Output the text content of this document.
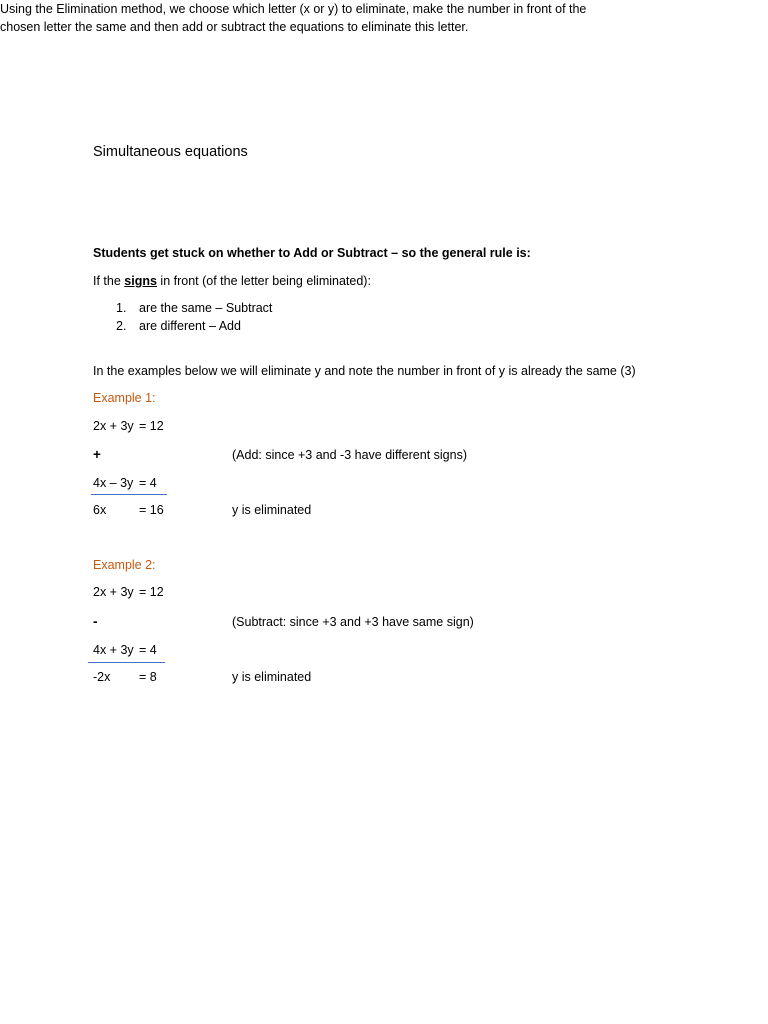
Simultaneous equations
Using the Elimination method, we choose which letter (x or y) to eliminate, make the number in front of the chosen letter the same and then add or subtract the equations to eliminate this letter.
Students get stuck on whether to Add or Subtract – so the general rule is:
If the signs in front (of the letter being eliminated):
1. are the same – Subtract
2. are different – Add
In the examples below we will eliminate y and note the number in front of y is already the same (3)
Example 1:
2x + 3y = 12
+	(Add: since +3 and -3 have different signs)
4x – 3y = 4
6x	= 16	y is eliminated
Example 2:
2x + 3y = 12
-	(Subtract: since +3 and +3 have same sign)
4x + 3y = 4
-2x = 8	y is eliminated
